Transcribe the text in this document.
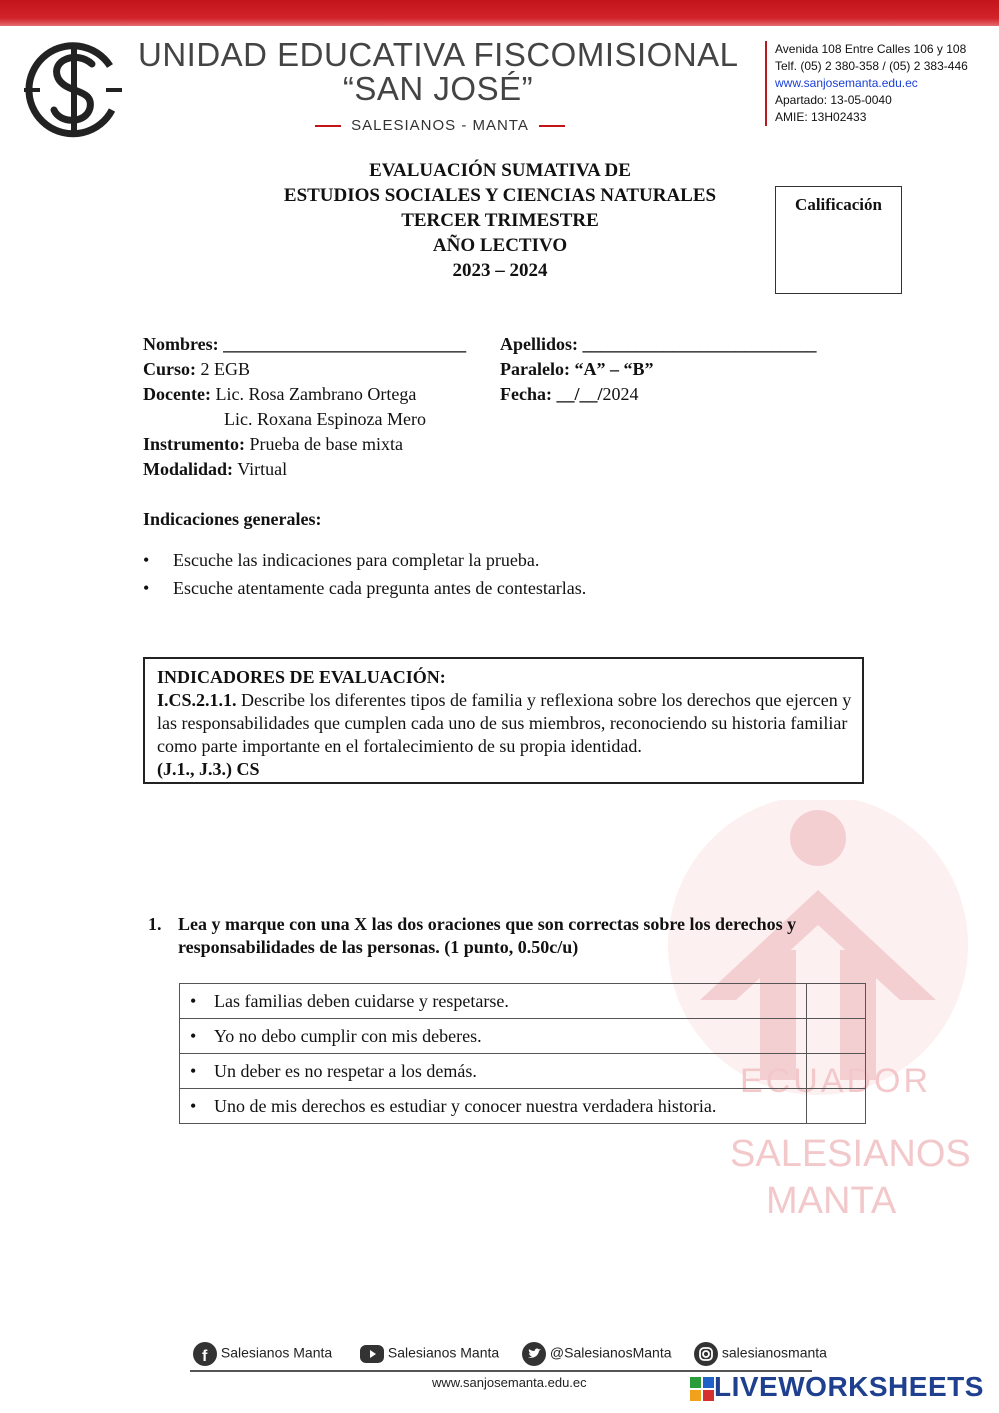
ECUADOR
SALESIANOS
MANTA
UNIDAD EDUCATIVA FISCOMISIONAL
“SAN JOSÉ”
SALESIANOS - MANTA
Avenida 108 Entre Calles 106 y 108
Telf. (05) 2 380-358 / (05) 2 383-446
www.sanjosemanta.edu.ec
Apartado: 13-05-0040
AMIE: 13H02433
EVALUACIÓN SUMATIVA DE
ESTUDIOS SOCIALES Y CIENCIAS NATURALES
TERCER TRIMESTRE
AÑO LECTIVO
2023 – 2024
Calificación
Nombres: ___________________________ Apellidos: __________________________
Curso: 2 EGB	Paralelo: “A” – “B”
Docente: Lic. Rosa Zambrano Ortega
Lic. Roxana Espinoza Mero
Fecha: __/__/2024
Instrumento: Prueba de base mixta
Modalidad: Virtual
Indicaciones generales:
• Escuche las indicaciones para completar la prueba.
• Escuche atentamente cada pregunta antes de contestarlas.
INDICADORES DE EVALUACIÓN:
I.CS.2.1.1. Describe los diferentes tipos de familia y reflexiona sobre los derechos que ejercen y las responsabilidades que cumplen cada uno de sus miembros, reconociendo su historia familiar como parte importante en el fortalecimiento de su propia identidad.
(J.1., J.3.) CS
1. Lea y marque con una X las dos oraciones que son correctas sobre los derechos y responsabilidades de las personas. (1 punto, 0.50c/u)
• Las familias deben cuidarse y respetarse.	
• Yo no debo cumplir con mis deberes.	
• Un deber es no respetar a los demás.	
• Uno de mis derechos es estudiar y conocer nuestra verdadera historia.	
f Salesianos Manta	Salesianos Manta	@SalesianosManta	salesianosmanta
www.sanjosemanta.edu.ec	LIVEWORKSHEETS
